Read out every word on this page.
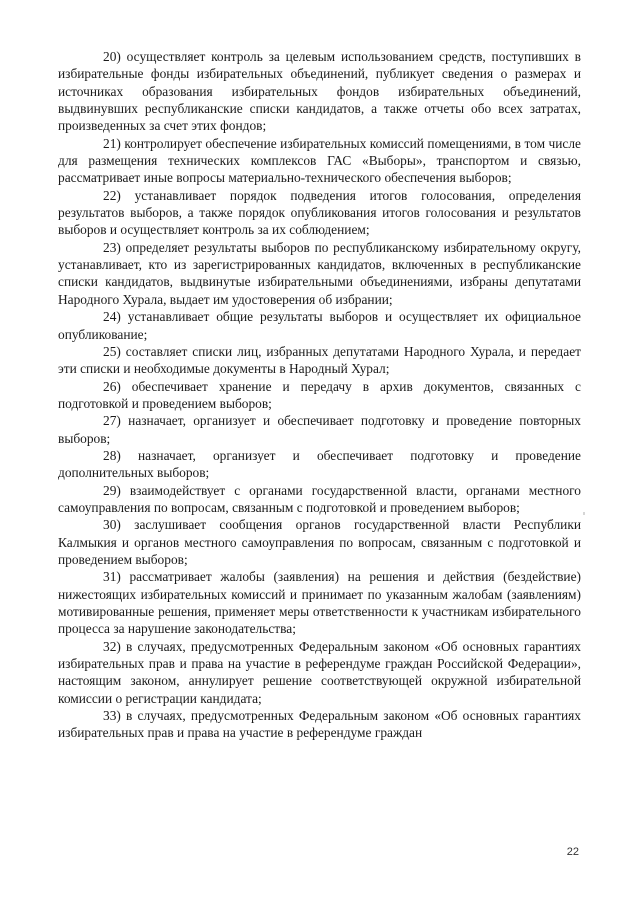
20) осуществляет контроль за целевым использованием средств, поступивших в избирательные фонды избирательных объединений, публикует сведения о размерах и источниках образования избирательных фондов избирательных объединений, выдвинувших республиканские списки кандидатов, а также отчеты обо всех затратах, произведенных за счет этих фондов;

21) контролирует обеспечение избирательных комиссий помещениями, в том числе для размещения технических комплексов ГАС «Выборы», транспортом и связью, рассматривает иные вопросы материально-технического обеспечения выборов;

22) устанавливает порядок подведения итогов голосования, определения результатов выборов, а также порядок опубликования итогов голосования и результатов выборов и осуществляет контроль за их соблюдением;

23) определяет результаты выборов по республиканскому избирательному округу, устанавливает, кто из зарегистрированных кандидатов, включенных в республиканские списки кандидатов, выдвинутые избирательными объединениями, избраны депутатами Народного Хурала, выдает им удостоверения об избрании;

24) устанавливает общие результаты выборов и осуществляет их официальное опубликование;

25) составляет списки лиц, избранных депутатами Народного Хурала, и передает эти списки и необходимые документы в Народный Хурал;

26) обеспечивает хранение и передачу в архив документов, связанных с подготовкой и проведением выборов;

27) назначает, организует и обеспечивает подготовку и проведение повторных выборов;

28) назначает, организует и обеспечивает подготовку и проведение дополнительных выборов;

29) взаимодействует с органами государственной власти, органами местного самоуправления по вопросам, связанным с подготовкой и проведением выборов;

30) заслушивает сообщения органов государственной власти Республики Калмыкия и органов местного самоуправления по вопросам, связанным с подготовкой и проведением выборов;

31) рассматривает жалобы (заявления) на решения и действия (бездействие) нижестоящих избирательных комиссий и принимает по указанным жалобам (заявлениям) мотивированные решения, применяет меры ответственности к участникам избирательного процесса за нарушение законодательства;

32) в случаях, предусмотренных Федеральным законом «Об основных гарантиях избирательных прав и права на участие в референдуме граждан Российской Федерации», настоящим законом, аннулирует решение соответствующей окружной избирательной комиссии о регистрации кандидата;

33) в случаях, предусмотренных Федеральным законом «Об основных гарантиях избирательных прав и права на участие в референдуме граждан

22
